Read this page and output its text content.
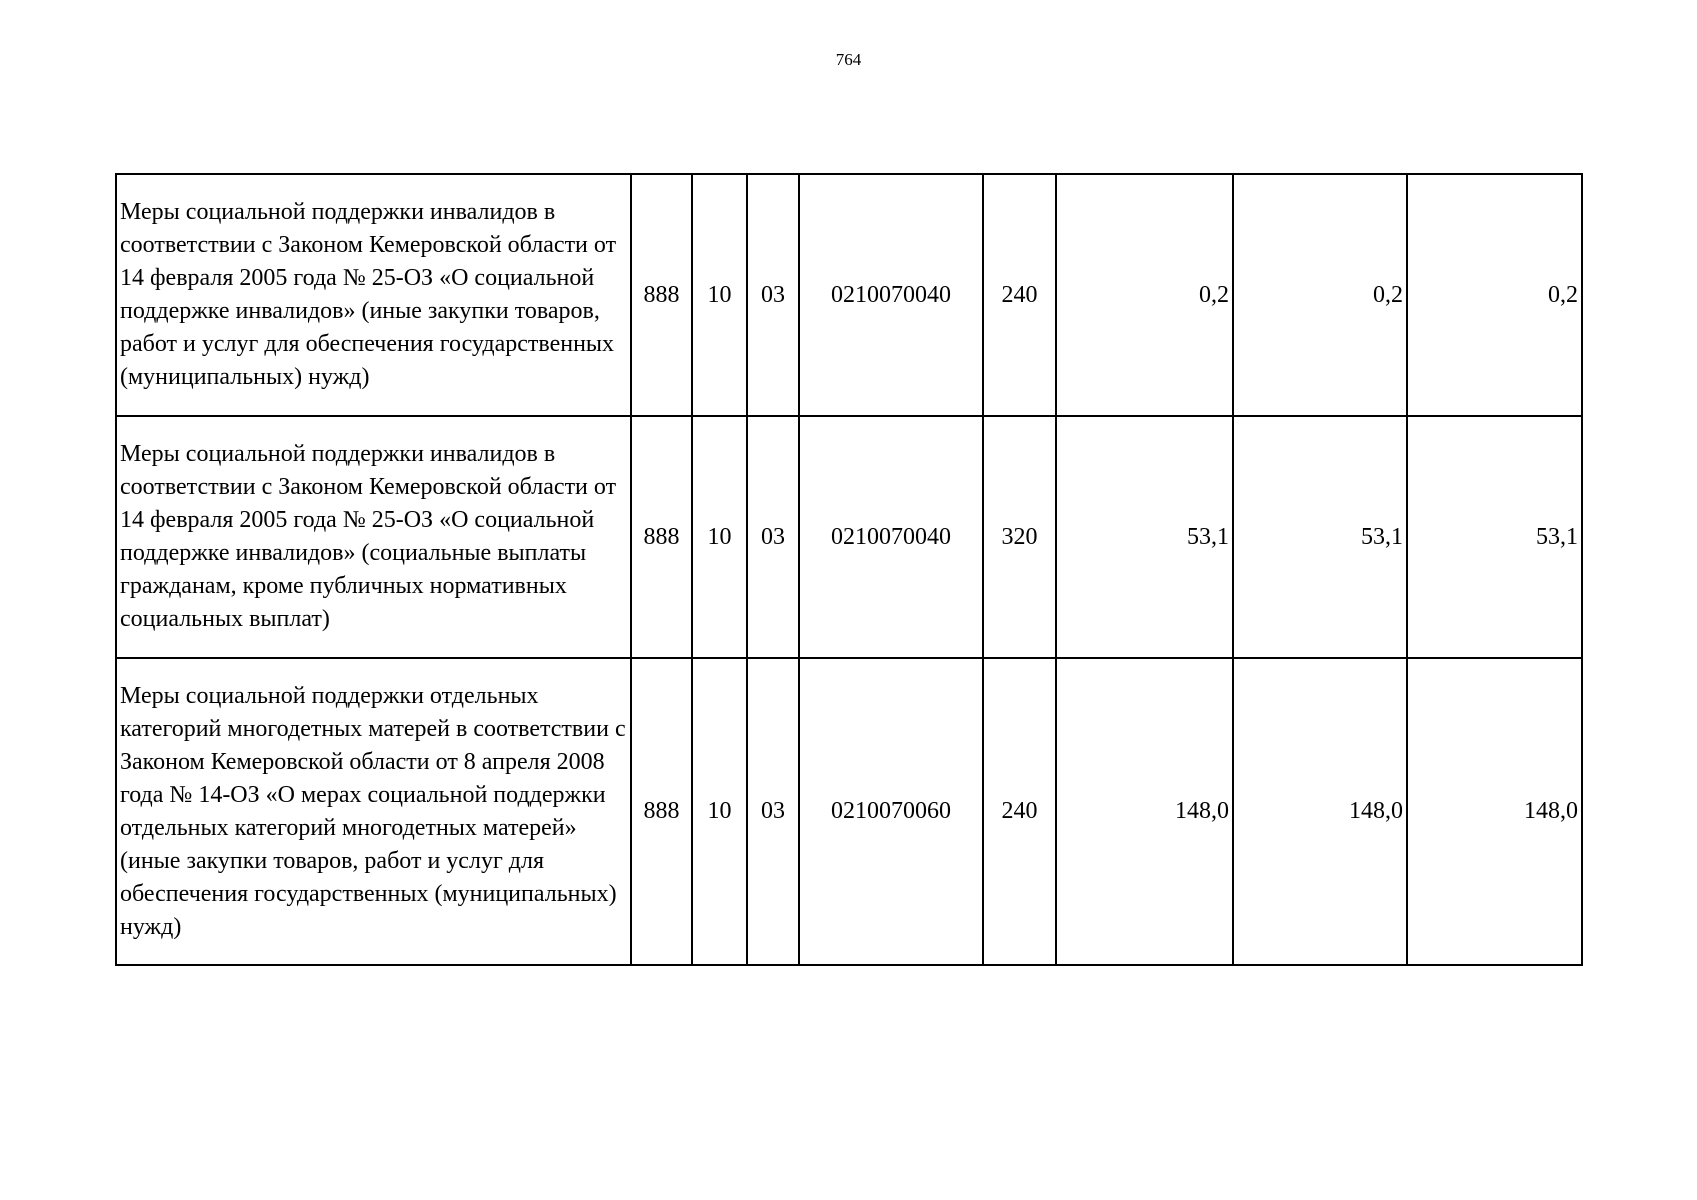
764
Меры социальной поддержки инвалидов в соответствии с Законом Кемеровской области от 14 февраля 2005 года № 25-ОЗ «О социальной поддержке инвалидов» (иные закупки товаров, работ и услуг для обеспечения государственных (муниципальных) нужд)	888	10	03	0210070040	240	0,2	0,2	0,2
Меры социальной поддержки инвалидов в соответствии с Законом Кемеровской области от 14 февраля 2005 года № 25-ОЗ «О социальной поддержке инвалидов» (социальные выплаты гражданам, кроме публичных нормативных социальных выплат)	888	10	03	0210070040	320	53,1	53,1	53,1
Меры социальной поддержки отдельных категорий многодетных матерей в соответствии с Законом Кемеровской области от 8 апреля 2008 года № 14-ОЗ «О мерах социальной поддержки отдельных категорий многодетных матерей» (иные закупки товаров, работ и услуг для обеспечения государственных (муниципальных) нужд)	888	10	03	0210070060	240	148,0	148,0	148,0
